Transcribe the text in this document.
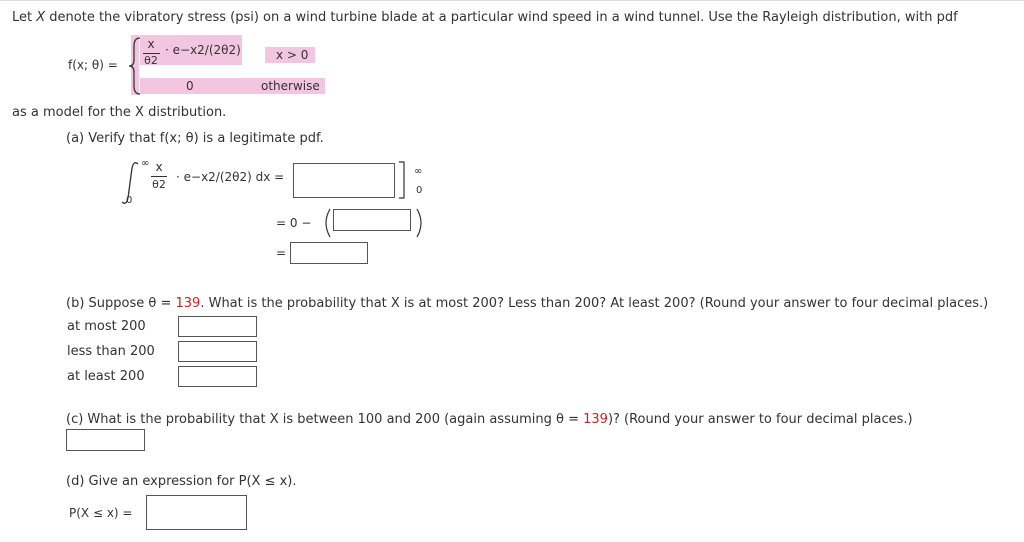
Let X denote the vibratory stress (psi) on a wind turbine blade at a particular wind speed in a wind tunnel. Use the Rayleigh distribution, with pdf
f(x; θ) =
x
θ2
· e−x2/(2θ2)	x > 0
0	otherwise
as a model for the X distribution.
(a) Verify that f(x; θ) is a legitimate pdf.
∞
0
x
θ2
· e−x2/(2θ2) dx =	∞
0
= 0 −
=
(b) Suppose θ = 139. What is the probability that X is at most 200? Less than 200? At least 200? (Round your answer to four decimal places.)
at most 200
less than 200
at least 200
(c) What is the probability that X is between 100 and 200 (again assuming θ = 139)? (Round your answer to four decimal places.)
(d) Give an expression for P(X ≤ x).
P(X ≤ x) =
